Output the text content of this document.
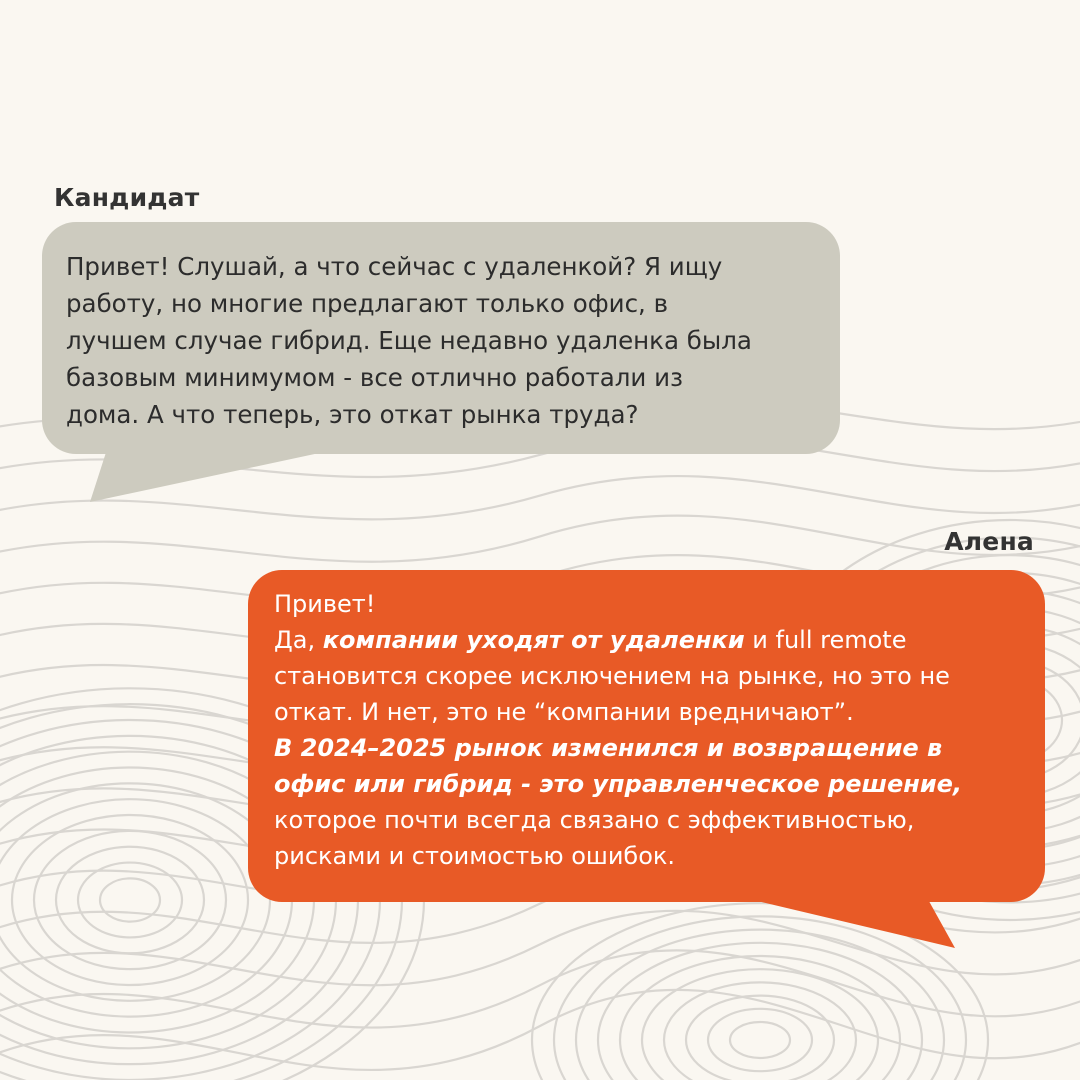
Кандидат
Привет! Слушай, а что сейчас с удаленкой? Я ищу
работу, но многие предлагают только офис, в
лучшем случае гибрид. Еще недавно удаленка была
базовым минимумом - все отлично работали из
дома. А что теперь, это откат рынка труда?
Алена
Привет!
Да, компании уходят от удаленки и full remote
становится скорее исключением на рынке, но это не
откат. И нет, это не “компании вредничают”.
В 2024–2025 рынок изменился и возвращение в
офис или гибрид - это управленческое решение,
которое почти всегда связано с эффективностью,
рисками и стоимостью ошибок.
